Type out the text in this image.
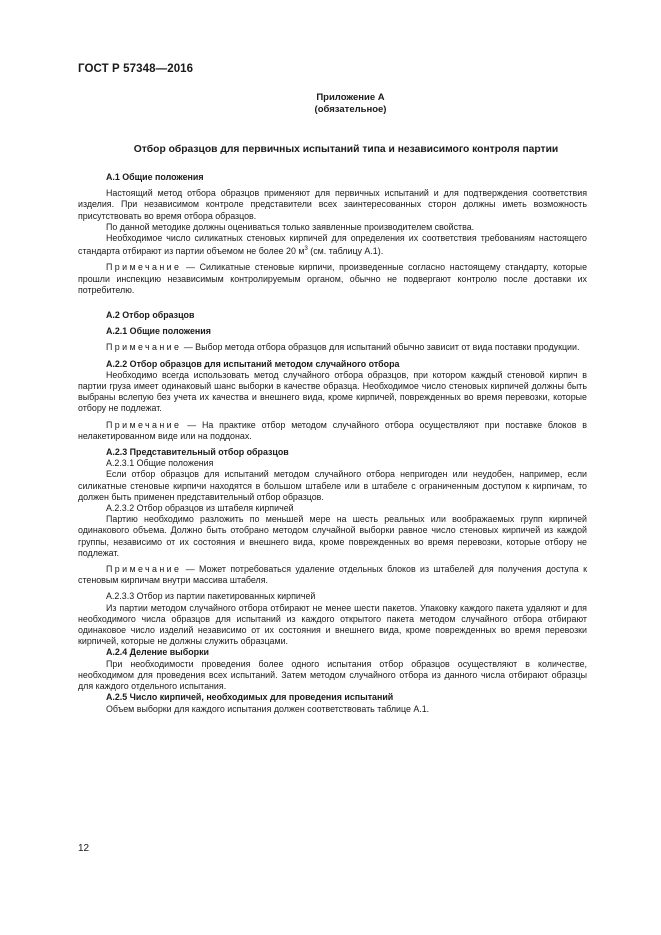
ГОСТ Р 57348—2016
Приложение А
(обязательное)
Отбор образцов для первичных испытаний типа и независимого контроля партии

А.1 Общие положения

Настоящий метод отбора образцов применяют для первичных испытаний и для подтверждения соответствия изделия. При независимом контроле представители всех заинтересованных сторон должны иметь возможность присутствовать во время отбора образцов.

По данной методике должны оцениваться только заявленные производителем свойства.

Необходимое число силикатных стеновых кирпичей для определения их соответствия требованиям настоящего стандарта отбирают из партии объемом не более 20 $м^3$ (см. таблицу А.1).

Примечание — Силикатные стеновые кирпичи, произведенные согласно настоящему стандарту, которые прошли инспекцию независимым контролируемым органом, обычно не подвергают контролю после доставки их потребителю.

А.2 Отбор образцов

А.2.1 Общие положения

Примечание — Выбор метода отбора образцов для испытаний обычно зависит от вида поставки продукции.

А.2.2 Отбор образцов для испытаний методом случайного отбора

Необходимо всегда использовать метод случайного отбора образцов, при котором каждый стеновой кирпич в партии груза имеет одинаковый шанс выборки в качестве образца. Необходимое число стеновых кирпичей должны быть выбраны вслепую без учета их качества и внешнего вида, кроме кирпичей, поврежденных во время перевозки, которые отбору не подлежат.

Примечание — На практике отбор методом случайного отбора осуществляют при поставке блоков в нелакетированном виде или на поддонах.

А.2.3 Представительный отбор образцов

А.2.3.1 Общие положения

Если отбор образцов для испытаний методом случайного отбора непригоден или неудобен, например, если силикатные стеновые кирпичи находятся в большом штабеле или в штабеле с ограниченным доступом к кирпичам, то должен быть применен представительный отбор образцов.

А.2.3.2 Отбор образцов из штабеля кирпичей

Партию необходимо разложить по меньшей мере на шесть реальных или воображаемых групп кирпичей одинакового объема. Должно быть отобрано методом случайной выборки равное число стеновых кирпичей из каждой группы, независимо от их состояния и внешнего вида, кроме поврежденных во время перевозки, которые отбору не подлежат.

Примечание — Может потребоваться удаление отдельных блоков из штабелей для получения доступа к стеновым кирпичам внутри массива штабеля.

А.2.3.3 Отбор из партии пакетированных кирпичей

Из партии методом случайного отбора отбирают не менее шести пакетов. Упаковку каждого пакета удаляют и для необходимого числа образцов для испытаний из каждого открытого пакета методом случайного отбора отбирают одинаковое число изделий независимо от их состояния и внешнего вида, кроме поврежденных во время перевозки кирпичей, которые не должны служить образцами.

А.2.4 Деление выборки

При необходимости проведения более одного испытания отбор образцов осуществляют в количестве, необходимом для проведения всех испытаний. Затем методом случайного отбора из данного числа отбирают образцы для каждого отдельного испытания.

А.2.5 Число кирпичей, необходимых для проведения испытаний

Объем выборки для каждого испытания должен соответствовать таблице А.1.

12
